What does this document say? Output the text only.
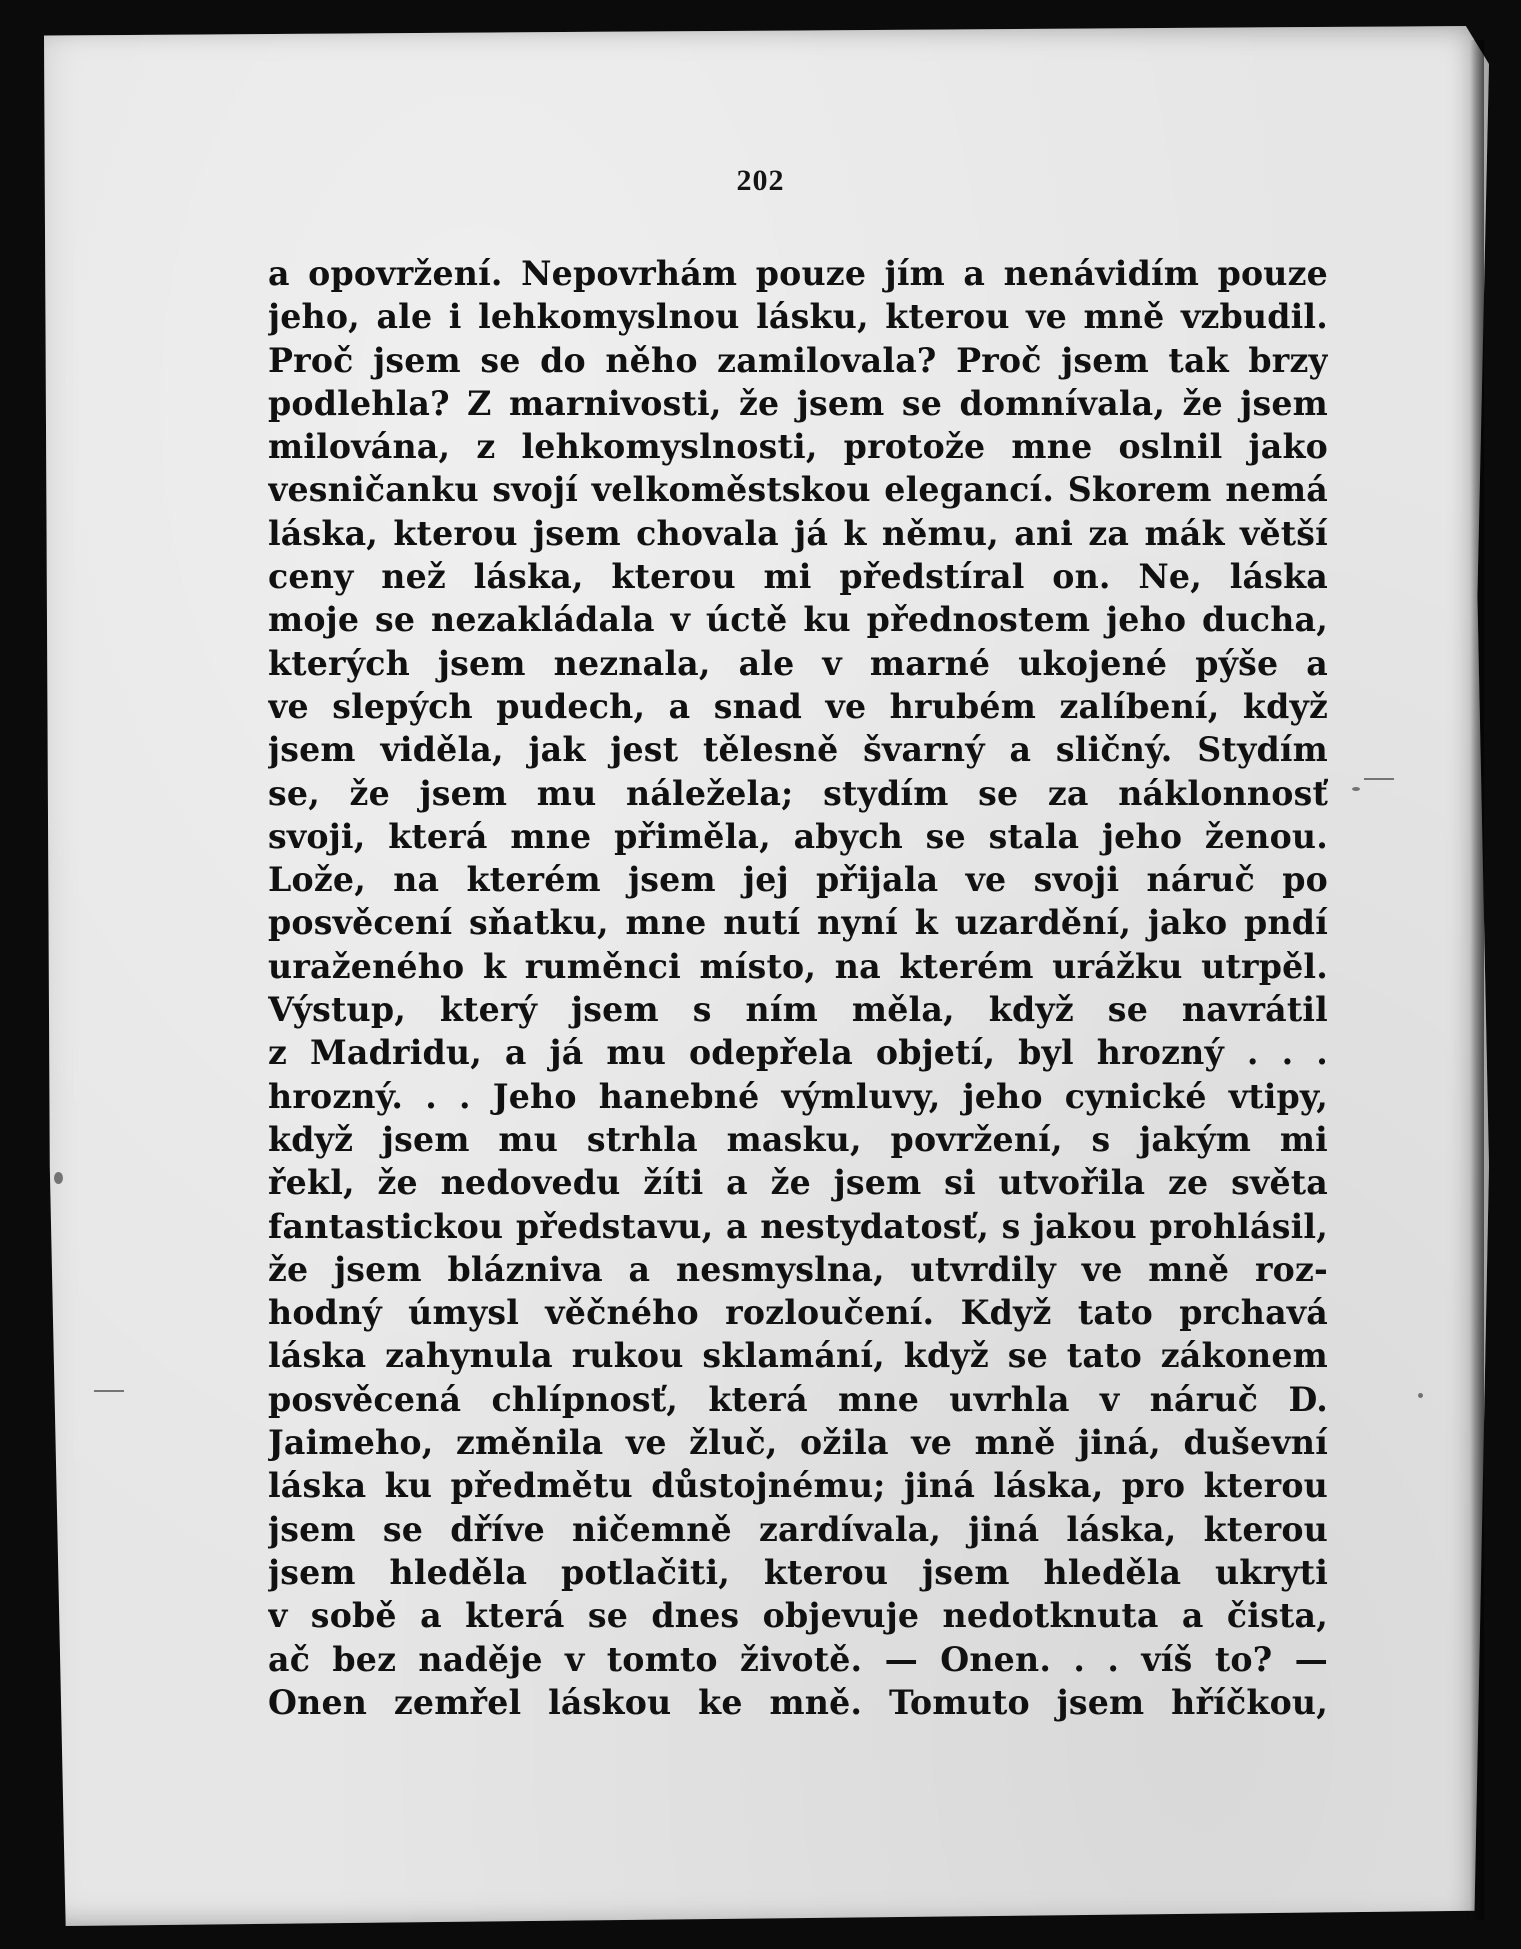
202
a opovržení. Nepovrhám pouze jím a nenávidím pouze
jeho, ale i lehkomyslnou lásku, kterou ve mně vzbudil.
Proč jsem se do něho zamilovala? Proč jsem tak brzy
podlehla? Z marnivosti, že jsem se domnívala, že jsem
milována, z lehkomyslnosti, protože mne oslnil jako
vesničanku svojí velkoměstskou elegancí. Skorem nemá
láska, kterou jsem chovala já k němu, ani za mák větší
ceny než láska, kterou mi předstíral on. Ne, láska
moje se nezakládala v úctě ku přednostem jeho ducha,
kterých jsem neznala, ale v marné ukojené pýše a
ve slepých pudech, a snad ve hrubém zalíbení, když
jsem viděla, jak jest tělesně švarný a sličný. Stydím
se, že jsem mu náležela; stydím se za náklonnosť
svoji, která mne přiměla, abych se stala jeho ženou.
Lože, na kterém jsem jej přijala ve svoji náruč po
posvěcení sňatku, mne nutí nyní k uzardění, jako pndí
uraženého k ruměnci místo, na kterém urážku utrpěl.
Výstup, který jsem s ním měla, když se navrátil
z Madridu, a já mu odepřela objetí, byl hrozný . . .
hrozný. . . Jeho hanebné výmluvy, jeho cynické vtipy,
když jsem mu strhla masku, povržení, s jakým mi
řekl, že nedovedu žíti a že jsem si utvořila ze světa
fantastickou představu, a nestydatosť, s jakou prohlásil,
že jsem blázniva a nesmyslna, utvrdily ve mně roz-
hodný úmysl věčného rozloučení. Když tato prchavá
láska zahynula rukou sklamání, když se tato zákonem
posvěcená chlípnosť, která mne uvrhla v náruč D.
Jaimeho, změnila ve žluč, ožila ve mně jiná, duševní
láska ku předmětu důstojnému; jiná láska, pro kterou
jsem se dříve ničemně zardívala, jiná láska, kterou
jsem hleděla potlačiti, kterou jsem hleděla ukryti
v sobě a která se dnes objevuje nedotknuta a čista,
ač bez naděje v tomto životě. — Onen. . . víš to? —
Onen zemřel láskou ke mně. Tomuto jsem hříčkou,
